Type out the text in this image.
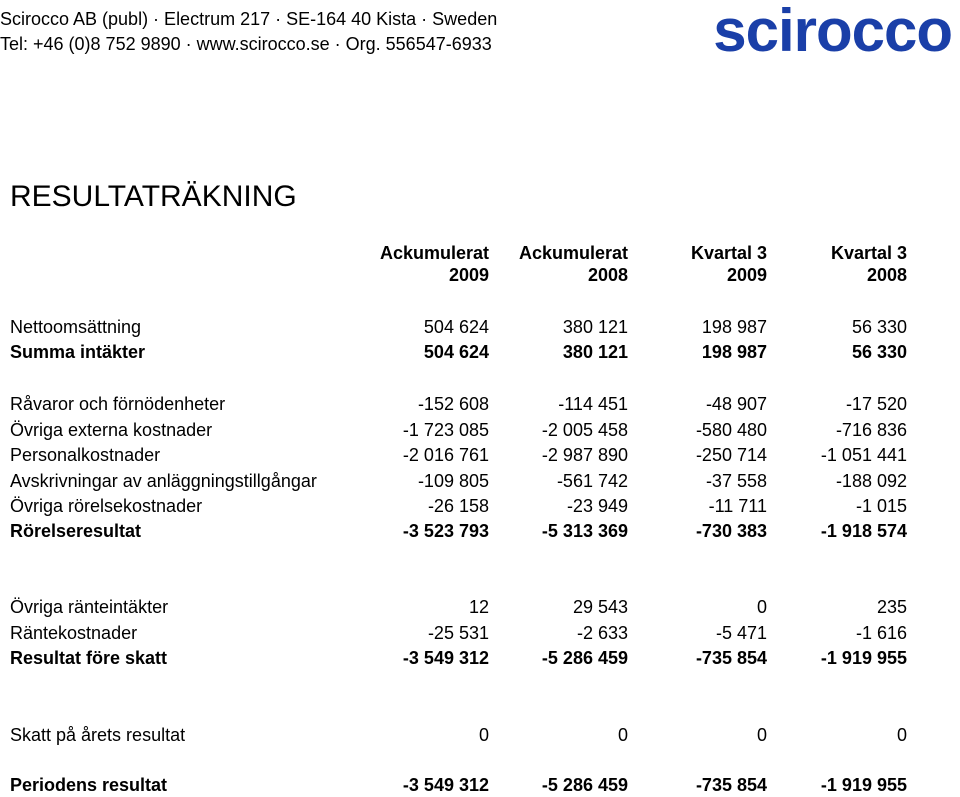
Scirocco AB (publ) · Electrum 217 · SE-164 40 Kista · Sweden
Tel: +46 (0)8 752 9890 · www.scirocco.se · Org. 556547-6933	scirocco
RESULTATRÄKNING
Ackumulerat
2009
Ackumulerat
2008
Kvartal 3
2009
Kvartal 3
2008
Nettoomsättning	504 624	380 121	198 987	56 330
Summa intäkter	504 624	380 121	198 987	56 330
Råvaror och förnödenheter	-152 608	-114 451	-48 907	-17 520
Övriga externa kostnader	-1 723 085	-2 005 458	-580 480	-716 836
Personalkostnader	-2 016 761	-2 987 890	-250 714	-1 051 441
Avskrivningar av anläggningstillgångar	-109 805	-561 742	-37 558	-188 092
Övriga rörelsekostnader	-26 158	-23 949	-11 711	-1 015
Rörelseresultat	-3 523 793	-5 313 369	-730 383	-1 918 574
Övriga ränteintäkter	12	29 543	0	235
Räntekostnader	-25 531	-2 633	-5 471	-1 616
Resultat före skatt	-3 549 312	-5 286 459	-735 854	-1 919 955
Skatt på årets resultat	0	0	0	0
Periodens resultat	-3 549 312	-5 286 459	-735 854	-1 919 955
